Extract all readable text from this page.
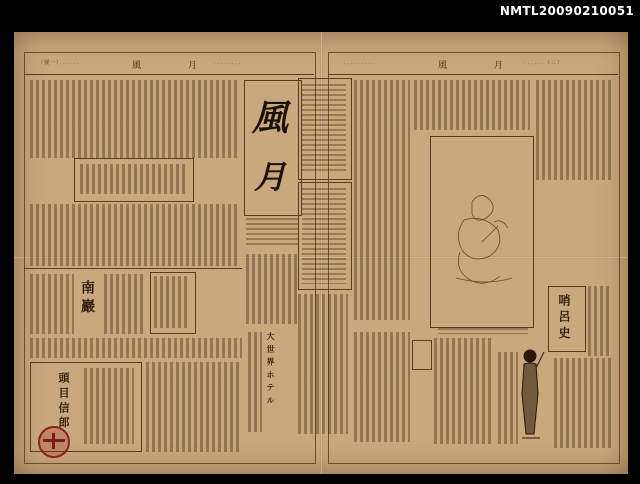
NMTL20090210051
（號一）．．．．．．	風 月
．．．．．．．．．
南 巖
頭 目 信 郎
風
月
大 世 界 ホ テ ル
．．．．．．．．．	風 月 ．．．．．．（三）
哨 呂 史
